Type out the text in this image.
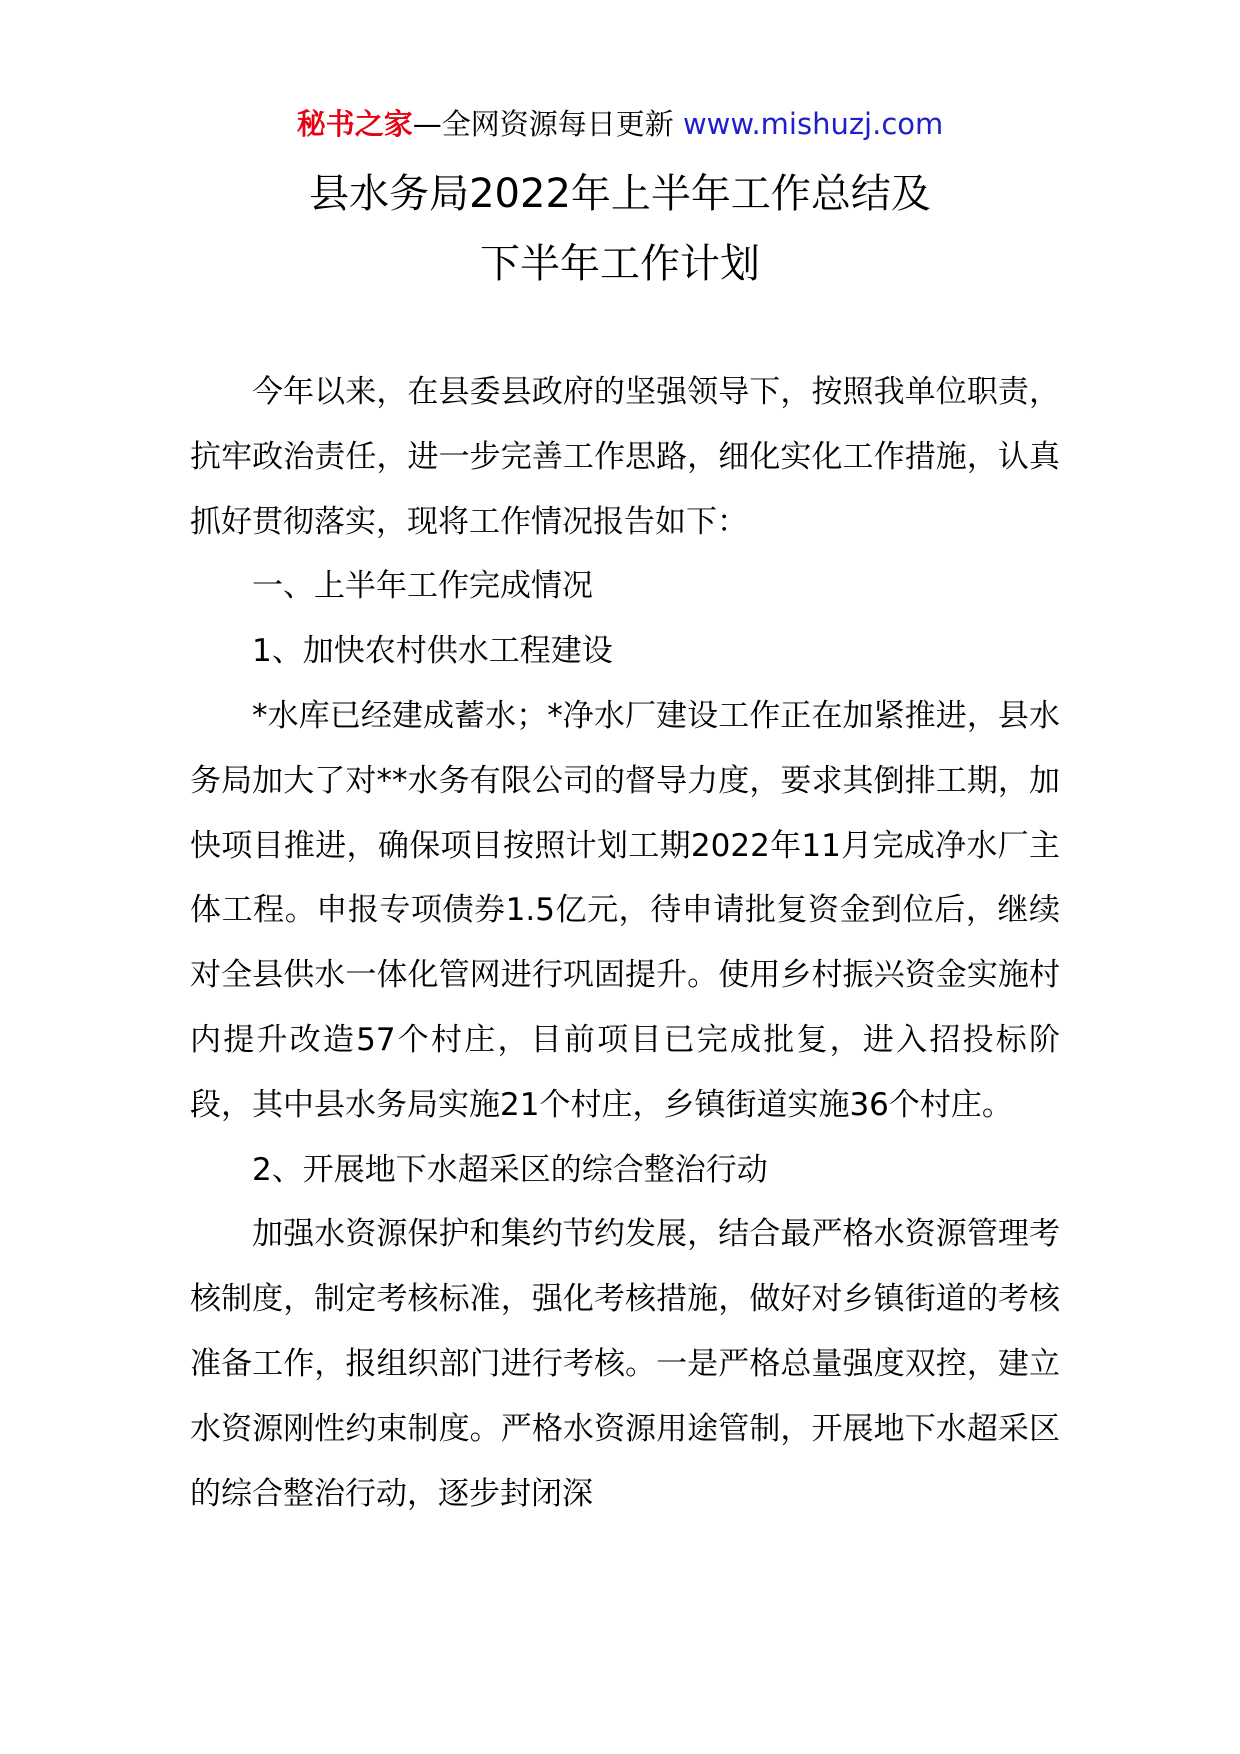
秘书之家—全网资源每日更新 www.mishuzj.com
县水务局2022年上半年工作总结及
下半年工作计划

今年以来，在县委县政府的坚强领导下，按照我单位职责，抗牢政治责任，进一步完善工作思路，细化实化工作措施，认真抓好贯彻落实，现将工作情况报告如下：

一、上半年工作完成情况

1、加快农村供水工程建设

*水库已经建成蓄水；*净水厂建设工作正在加紧推进，县水务局加大了对**水务有限公司的督导力度，要求其倒排工期，加快项目推进，确保项目按照计划工期2022年11月完成净水厂主体工程。申报专项债券1.5亿元，待申请批复资金到位后，继续对全县供水一体化管网进行巩固提升。使用乡村振兴资金实施村内提升改造57个村庄，目前项目已完成批复，进入招投标阶段，其中县水务局实施21个村庄，乡镇街道实施36个村庄。

2、开展地下水超采区的综合整治行动

加强水资源保护和集约节约发展，结合最严格水资源管理考核制度，制定考核标准，强化考核措施，做好对乡镇街道的考核准备工作，报组织部门进行考核。一是严格总量强度双控，建立水资源刚性约束制度。严格水资源用途管制，开展地下水超采区的综合整治行动，逐步封闭深
